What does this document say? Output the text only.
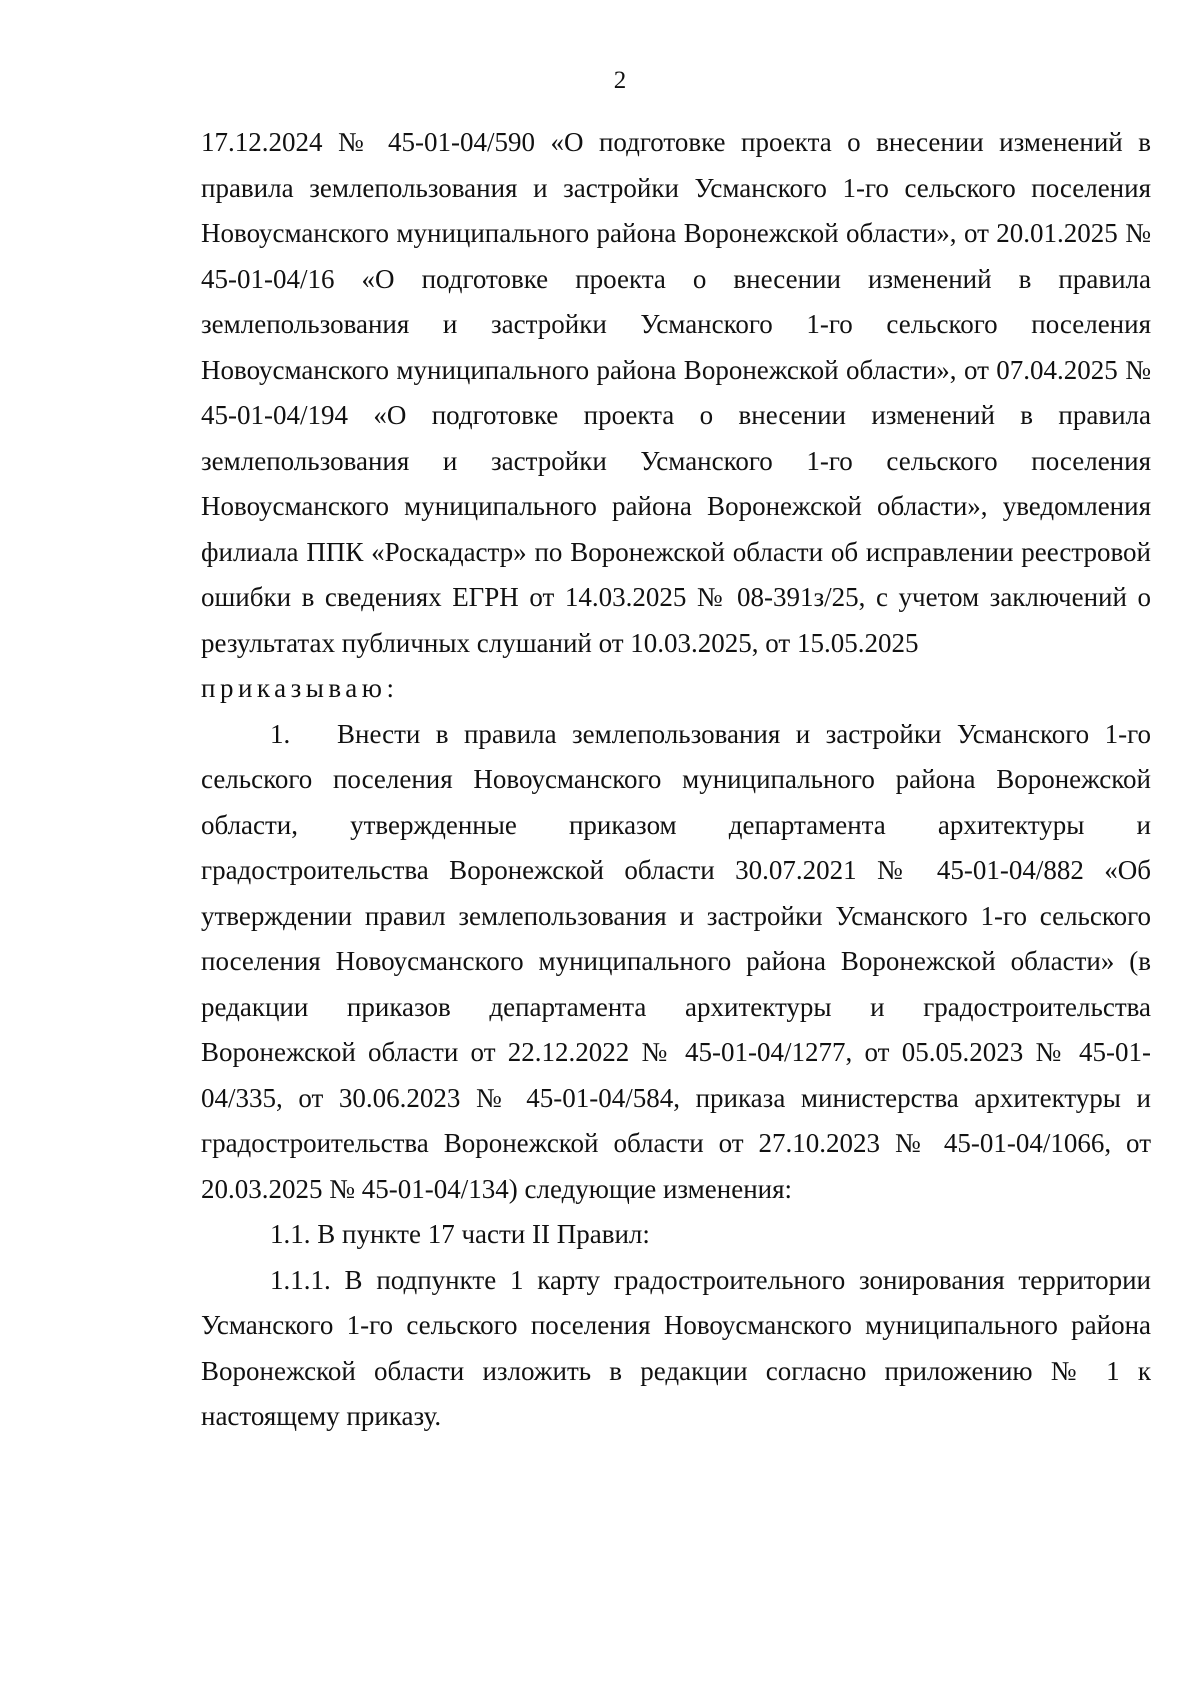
2

17.12.2024 № 45-01-04/590 «О подготовке проекта о внесении изменений в правила землепользования и застройки Усманского 1-го сельского поселения Новоусманского муниципального района Воронежской области», от 20.01.2025 № 45-01-04/16 «О подготовке проекта о внесении изменений в правила землепользования и застройки Усманского 1-го сельского поселения Новоусманского муниципального района Воронежской области», от 07.04.2025 № 45-01-04/194 «О подготовке проекта о внесении изменений в правила землепользования и застройки Усманского 1-го сельского поселения Новоусманского муниципального района Воронежской области», уведомления филиала ППК «Роскадастр» по Воронежской области об исправлении реестровой ошибки в сведениях ЕГРН от 14.03.2025 № 08-391з/25, с учетом заключений о результатах публичных слушаний от 10.03.2025, от 15.05.2025

приказываю:

1. Внести в правила землепользования и застройки Усманского 1-го сельского поселения Новоусманского муниципального района Воронежской области, утвержденные приказом департамента архитектуры и градостроительства Воронежской области 30.07.2021 № 45-01-04/882 «Об утверждении правил землепользования и застройки Усманского 1-го сельского поселения Новоусманского муниципального района Воронежской области» (в редакции приказов департамента архитектуры и градостроительства Воронежской области от 22.12.2022 № 45-01-04/1277, от 05.05.2023 № 45-01-04/335, от 30.06.2023 № 45-01-04/584, приказа министерства архитектуры и градостроительства Воронежской области от 27.10.2023 № 45-01-04/1066, от 20.03.2025 № 45-01-04/134) следующие изменения:

1.1. В пункте 17 части II Правил:

1.1.1. В подпункте 1 карту градостроительного зонирования территории Усманского 1-го сельского поселения Новоусманского муниципального района Воронежской области изложить в редакции согласно приложению № 1 к настоящему приказу.
